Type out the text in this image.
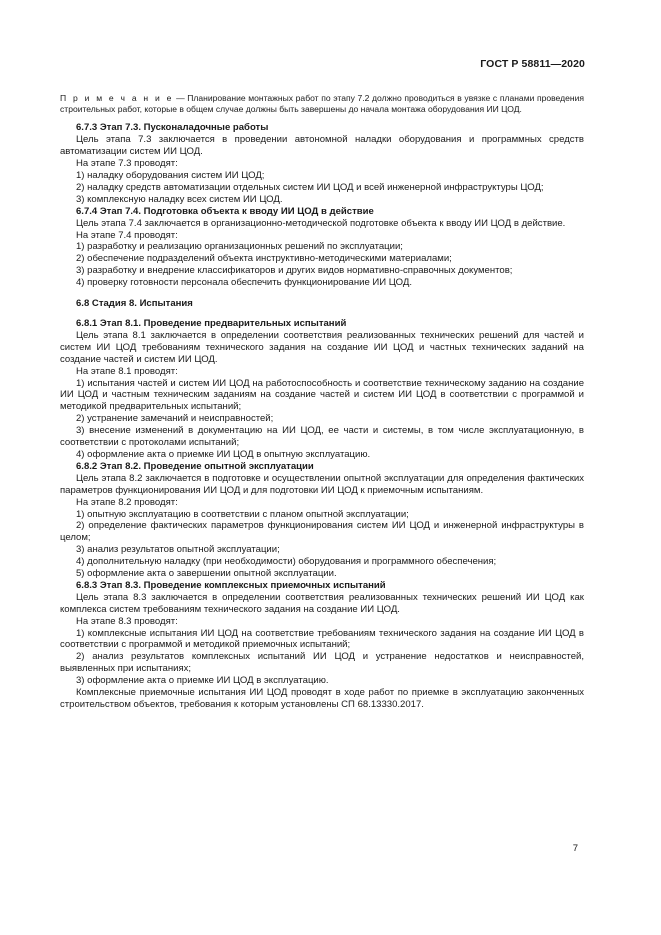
ГОСТ Р 58811—2020

П р и м е ч а н и е — Планирование монтажных работ по этапу 7.2 должно проводиться в увязке с планами проведения строительных работ, которые в общем случае должны быть завершены до начала монтажа оборудования ИИ ЦОД.

6.7.3 Этап 7.3. Пусконаладочные работы

Цель этапа 7.3 заключается в проведении автономной наладки оборудования и программных средств автоматизации систем ИИ ЦОД.

На этапе 7.3 проводят:

1) наладку оборудования систем ИИ ЦОД;

2) наладку средств автоматизации отдельных систем ИИ ЦОД и всей инженерной инфраструктуры ЦОД;

3) комплексную наладку всех систем ИИ ЦОД.

6.7.4 Этап 7.4. Подготовка объекта к вводу ИИ ЦОД в действие

Цель этапа 7.4 заключается в организационно-методической подготовке объекта к вводу ИИ ЦОД в действие.

На этапе 7.4 проводят:

1) разработку и реализацию организационных решений по эксплуатации;

2) обеспечение подразделений объекта инструктивно-методическими материалами;

3) разработку и внедрение классификаторов и других видов нормативно-справочных документов;

4) проверку готовности персонала обеспечить функционирование ИИ ЦОД.

6.8 Стадия 8. Испытания

6.8.1 Этап 8.1. Проведение предварительных испытаний

Цель этапа 8.1 заключается в определении соответствия реализованных технических решений для частей и систем ИИ ЦОД требованиям технического задания на создание ИИ ЦОД и частных технических заданий на создание частей и систем ИИ ЦОД.

На этапе 8.1 проводят:

1) испытания частей и систем ИИ ЦОД на работоспособность и соответствие техническому заданию на создание ИИ ЦОД и частным техническим заданиям на создание частей и систем ИИ ЦОД в соответствии с программой и методикой предварительных испытаний;

2) устранение замечаний и неисправностей;

3) внесение изменений в документацию на ИИ ЦОД, ее части и системы, в том числе эксплуатационную, в соответствии с протоколами испытаний;

4) оформление акта о приемке ИИ ЦОД в опытную эксплуатацию.

6.8.2 Этап 8.2. Проведение опытной эксплуатации

Цель этапа 8.2 заключается в подготовке и осуществлении опытной эксплуатации для определения фактических параметров функционирования ИИ ЦОД и для подготовки ИИ ЦОД к приемочным испытаниям.

На этапе 8.2 проводят:

1) опытную эксплуатацию в соответствии с планом опытной эксплуатации;

2) определение фактических параметров функционирования систем ИИ ЦОД и инженерной инфраструктуры в целом;

3) анализ результатов опытной эксплуатации;

4) дополнительную наладку (при необходимости) оборудования и программного обеспечения;

5) оформление акта о завершении опытной эксплуатации.

6.8.3 Этап 8.3. Проведение комплексных приемочных испытаний

Цель этапа 8.3 заключается в определении соответствия реализованных технических решений ИИ ЦОД как комплекса систем требованиям технического задания на создание ИИ ЦОД.

На этапе 8.3 проводят:

1) комплексные испытания ИИ ЦОД на соответствие требованиям технического задания на создание ИИ ЦОД в соответствии с программой и методикой приемочных испытаний;

2) анализ результатов комплексных испытаний ИИ ЦОД и устранение недостатков и неисправностей, выявленных при испытаниях;

3) оформление акта о приемке ИИ ЦОД в эксплуатацию.

Комплексные приемочные испытания ИИ ЦОД проводят в ходе работ по приемке в эксплуатацию законченных строительством объектов, требования к которым установлены СП 68.13330.2017.

7
